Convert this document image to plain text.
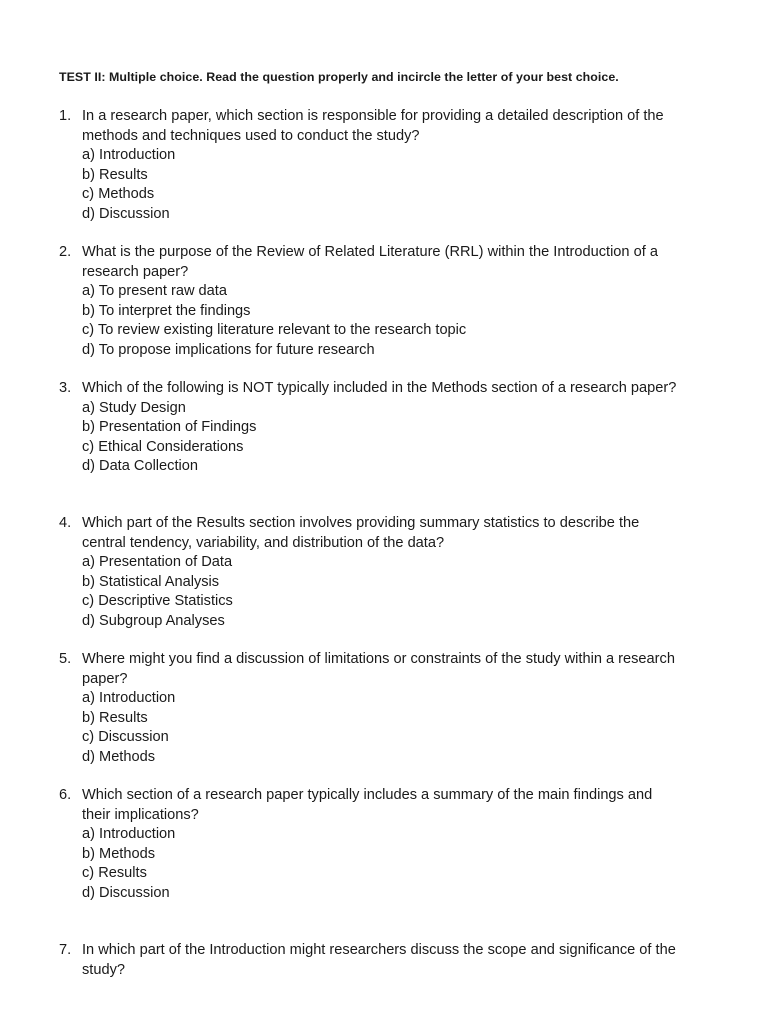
TEST II: Multiple choice. Read the question properly and incircle the letter of your best choice.
1. In a research paper, which section is responsible for providing a detailed description of the methods and techniques used to conduct the study?
a) Introduction
b) Results
c) Methods
d) Discussion
2. What is the purpose of the Review of Related Literature (RRL) within the Introduction of a research paper?
a) To present raw data
b) To interpret the findings
c) To review existing literature relevant to the research topic
d) To propose implications for future research
3. Which of the following is NOT typically included in the Methods section of a research paper?
a) Study Design
b) Presentation of Findings
c) Ethical Considerations
d) Data Collection
4. Which part of the Results section involves providing summary statistics to describe the central tendency, variability, and distribution of the data?
a) Presentation of Data
b) Statistical Analysis
c) Descriptive Statistics
d) Subgroup Analyses
5. Where might you find a discussion of limitations or constraints of the study within a research paper?
a) Introduction
b) Results
c) Discussion
d) Methods
6. Which section of a research paper typically includes a summary of the main findings and their implications?
a) Introduction
b) Methods
c) Results
d) Discussion
7. In which part of the Introduction might researchers discuss the scope and significance of the study?
